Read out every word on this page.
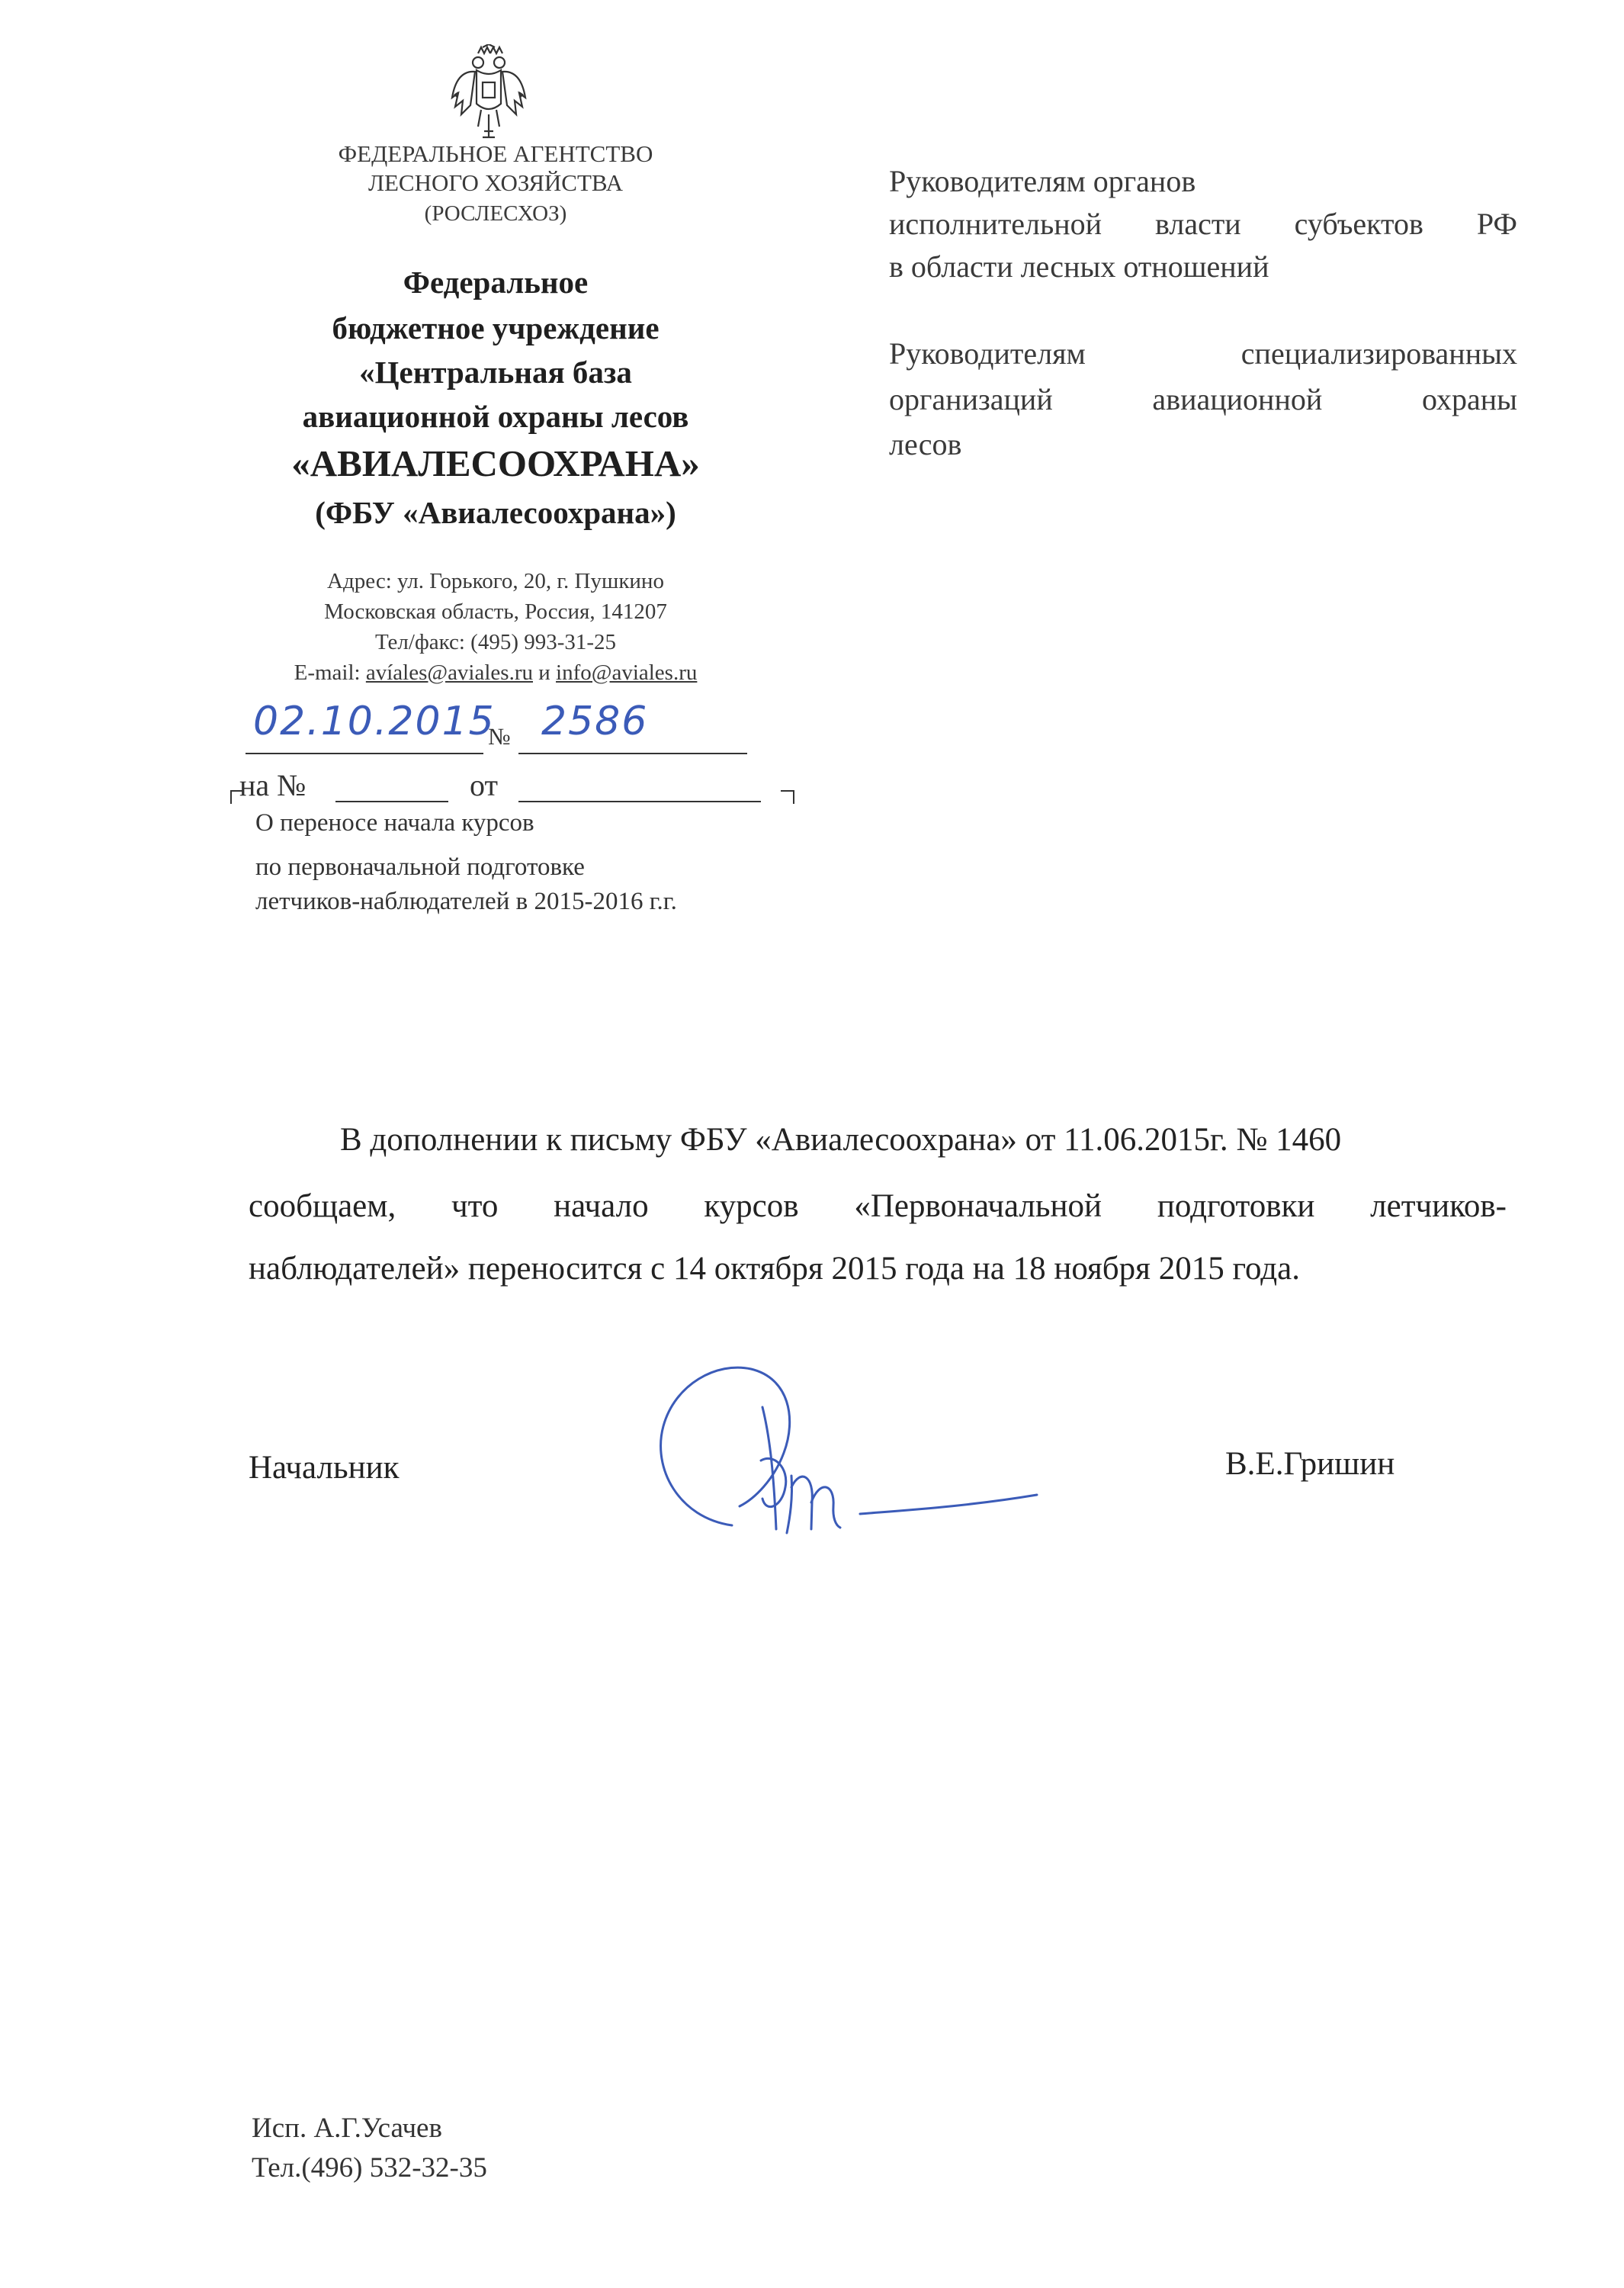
ФЕДЕРАЛЬНОЕ АГЕНТСТВО
ЛЕСНОГО ХОЗЯЙСТВА
(РОСЛЕСХОЗ)
Федеральное
бюджетное учреждение
«Центральная база
авиационной охраны лесов
«АВИАЛЕСООХРАНА»
(ФБУ «Авиалесоохрана»)
Адрес: ул. Горького, 20, г. Пушкино
Московская область, Россия, 141207
Тел/факс: (495) 993-31-25
E-mail: avíales@aviales.ru и info@aviales.ru
02.10.2015
№ 2586
на №	от
О переносе начала курсов
по первоначальной подготовке
летчиков-наблюдателей в 2015-2016 г.г.
Руководителям органов
исполнительной власти субъектов РФ
в области лесных отношений
Руководителям специализированных
организаций авиационной охраны
лесов
В дополнении к письму ФБУ «Авиалесоохрана» от 11.06.2015г. № 1460
сообщаем, что начало курсов «Первоначальной подготовки летчиков-
наблюдателей» переносится с 14 октября 2015 года на 18 ноября 2015 года.
Начальник	В.Е.Гришин
Исп. А.Г.Усачев
Тел.(496) 532-32-35
